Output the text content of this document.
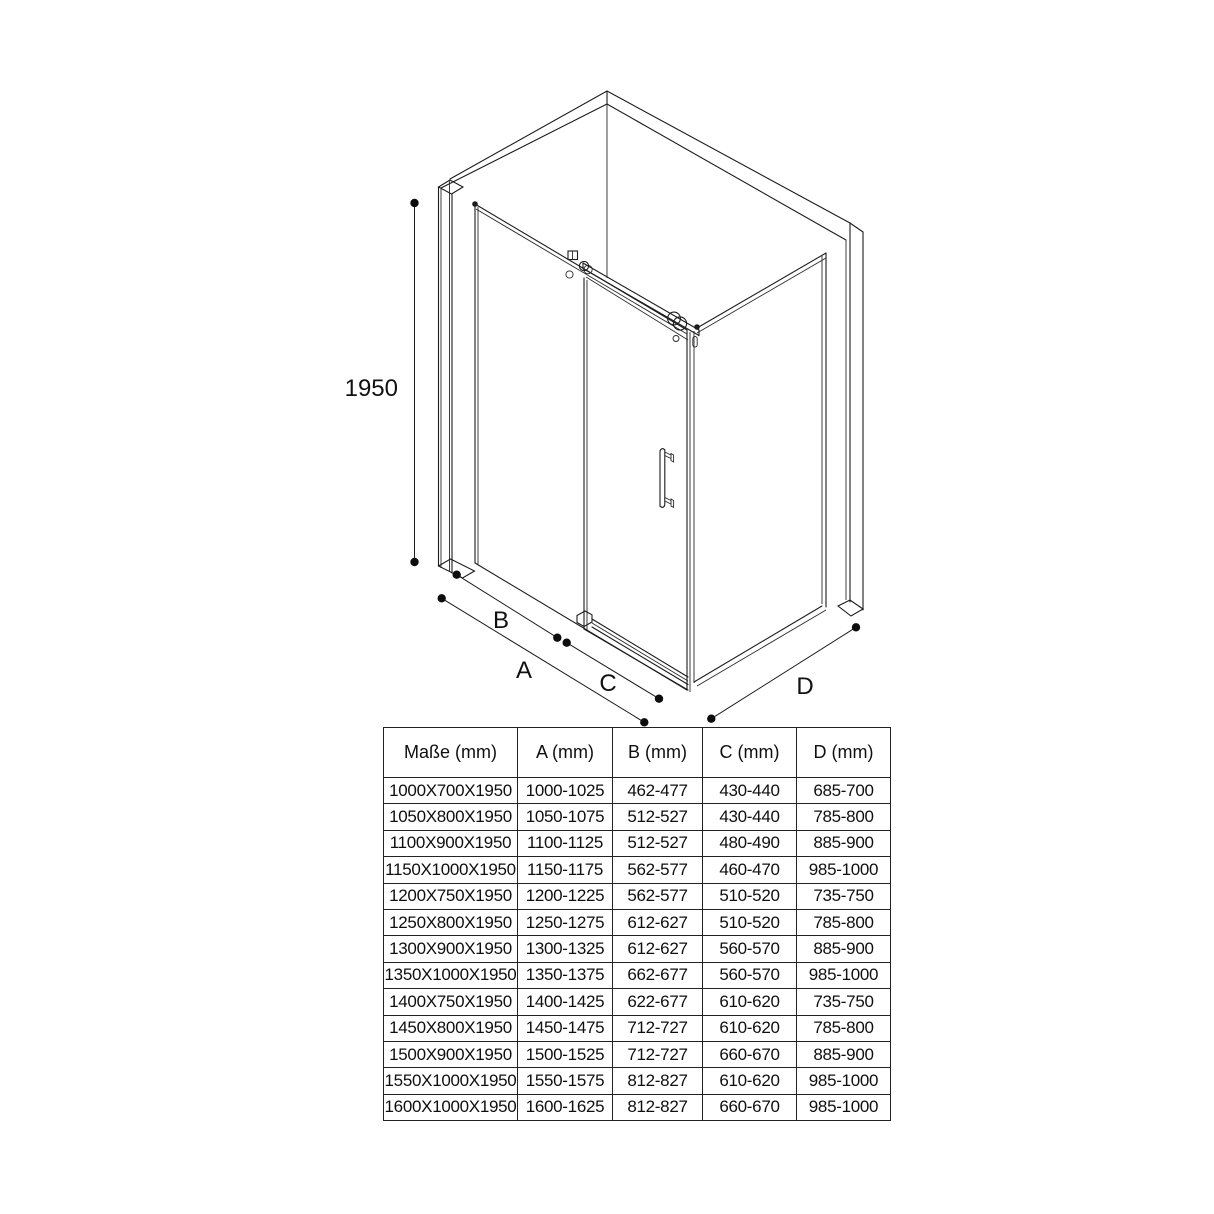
1950
B
A	C	D
Maße (mm)	A (mm)	B (mm)	C (mm)	D (mm)
1000X700X1950	1000-1025	462-477	430-440	685-700
1050X800X1950	1050-1075	512-527	430-440	785-800
1100X900X1950	1100-1125	512-527	480-490	885-900
1150X1000X1950	1150-1175	562-577	460-470	985-1000
1200X750X1950	1200-1225	562-577	510-520	735-750
1250X800X1950	1250-1275	612-627	510-520	785-800
1300X900X1950	1300-1325	612-627	560-570	885-900
1350X1000X1950	1350-1375	662-677	560-570	985-1000
1400X750X1950	1400-1425	622-677	610-620	735-750
1450X800X1950	1450-1475	712-727	610-620	785-800
1500X900X1950	1500-1525	712-727	660-670	885-900
1550X1000X1950	1550-1575	812-827	610-620	985-1000
1600X1000X1950	1600-1625	812-827	660-670	985-1000
